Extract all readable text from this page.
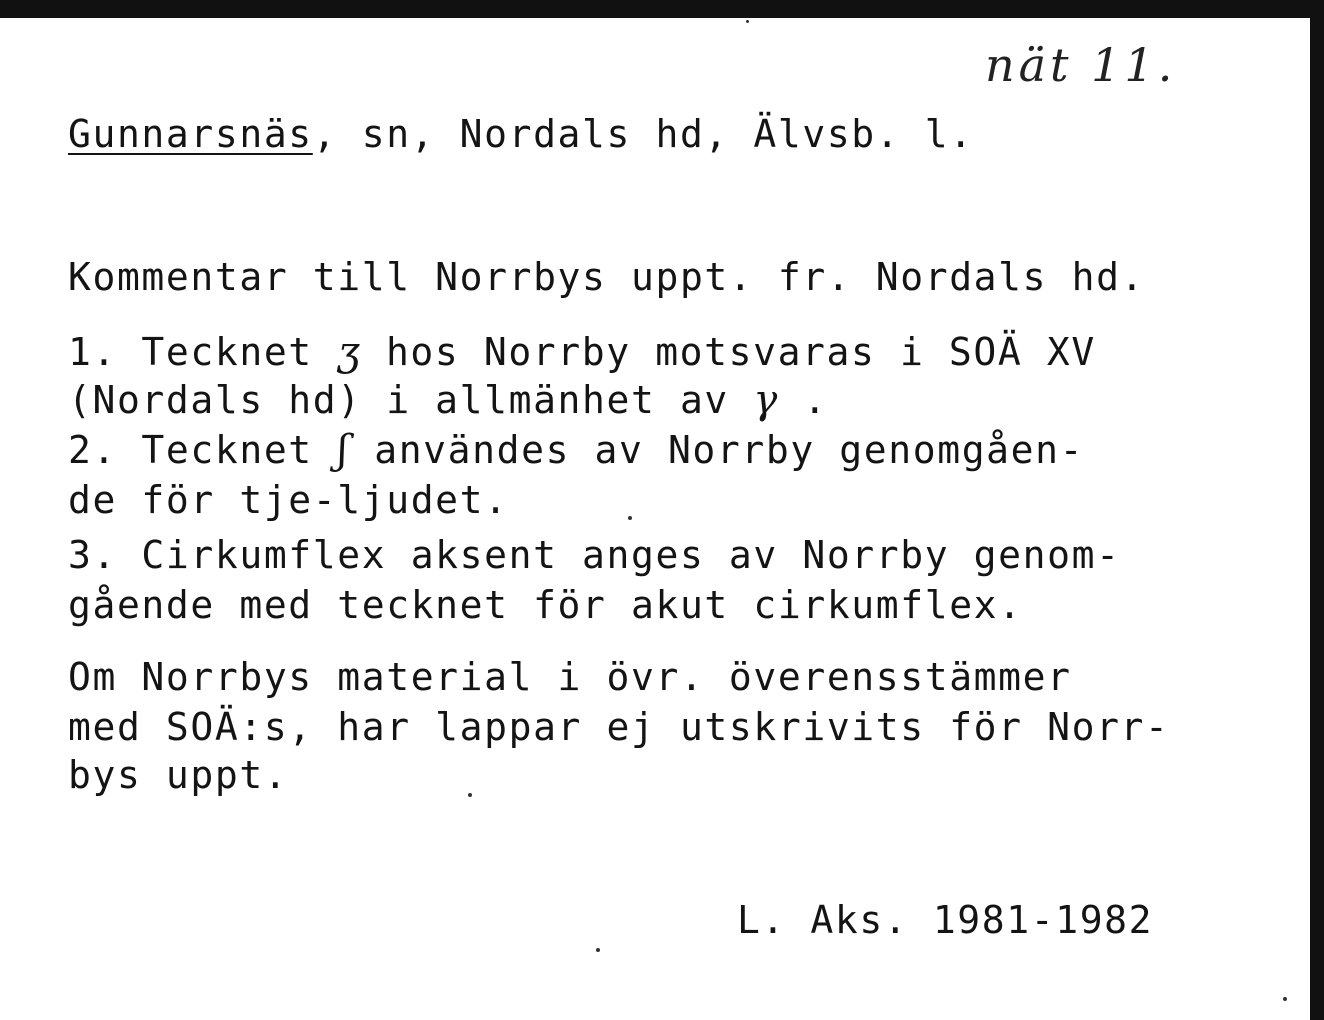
nät 11.
Gunnarsnäs, sn, Nordals hd, Älvsb. l.
Kommentar till Norrbys uppt. fr. Nordals hd.
1. Tecknet ʒ hos Norrby motsvaras i SOÄ XV
(Nordals hd) i allmänhet av γ .
2. Tecknet ʃ användes av Norrby genomgåen-
de för tje-ljudet.
3. Cirkumflex aksent anges av Norrby genom-
gående med tecknet för akut cirkumflex.
Om Norrbys material i övr. överensstämmer
med SOÄ:s, har lappar ej utskrivits för Norr-
bys uppt.
L. Aks. 1981-1982
